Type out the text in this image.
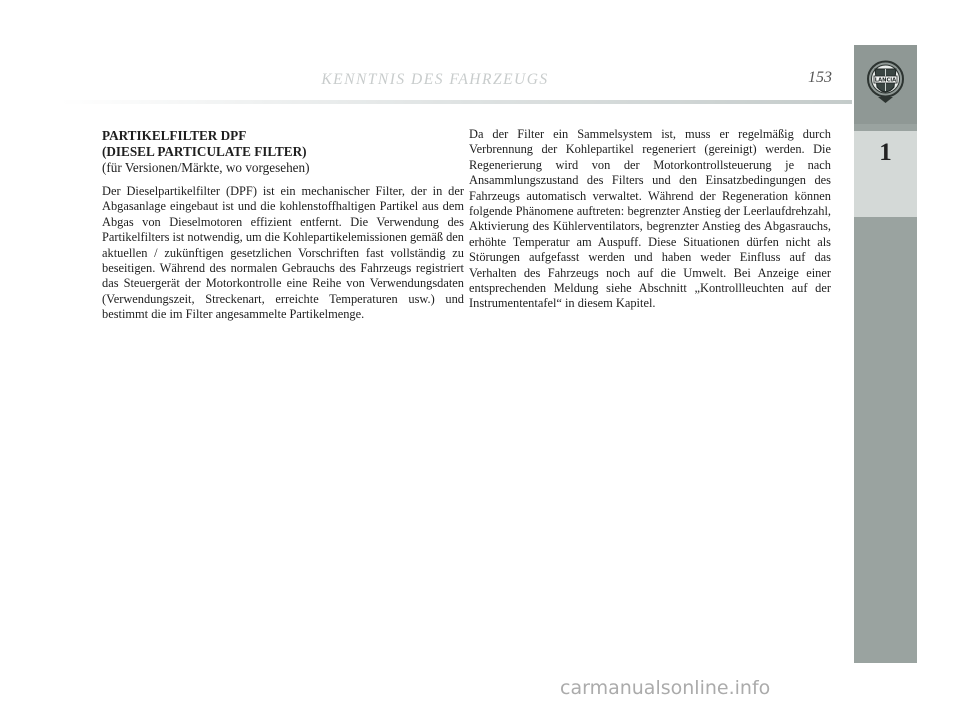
KENNTNIS DES FAHRZEUGS	153	LANCIA
1

PARTIKELFILTER DPF

(DIESEL PARTICULATE FILTER)

(für Versionen/Märkte, wo vorgesehen)

Der Dieselpartikelfilter (DPF) ist ein mechanischer Filter, der in der Abgasanlage eingebaut ist und die kohlenstoffhaltigen Partikel aus dem Abgas von Dieselmotoren effizient entfernt. Die Verwendung des Partikelfilters ist notwendig, um die Kohlepartikelemissionen gemäß den aktuellen / zukünftigen gesetzlichen Vorschriften fast vollständig zu beseitigen. Während des normalen Gebrauchs des Fahrzeugs registriert das Steuergerät der Motorkontrolle eine Reihe von Verwendungsdaten (Verwendungszeit, Streckenart, erreichte Temperaturen usw.) und bestimmt die im Filter angesammelte Partikelmenge.

Da der Filter ein Sammelsystem ist, muss er regelmäßig durch Verbrennung der Kohlepartikel regeneriert (gereinigt) werden. Die Regenerierung wird von der Motorkontrollsteuerung je nach Ansammlungszustand des Filters und den Einsatzbedingungen des Fahrzeugs automatisch verwaltet. Während der Regeneration können folgende Phänomene auftreten: begrenzter Anstieg der Leerlaufdrehzahl, Aktivierung des Kühlerventilators, begrenzter Anstieg des Abgasrauchs, erhöhte Temperatur am Auspuff. Diese Situationen dürfen nicht als Störungen aufgefasst werden und haben weder Einfluss auf das Verhalten des Fahrzeugs noch auf die Umwelt. Bei Anzeige einer entsprechenden Meldung siehe Abschnitt „Kontrollleuchten auf der Instrumententafel“ in diesem Kapitel.

carmanualsonline.info
